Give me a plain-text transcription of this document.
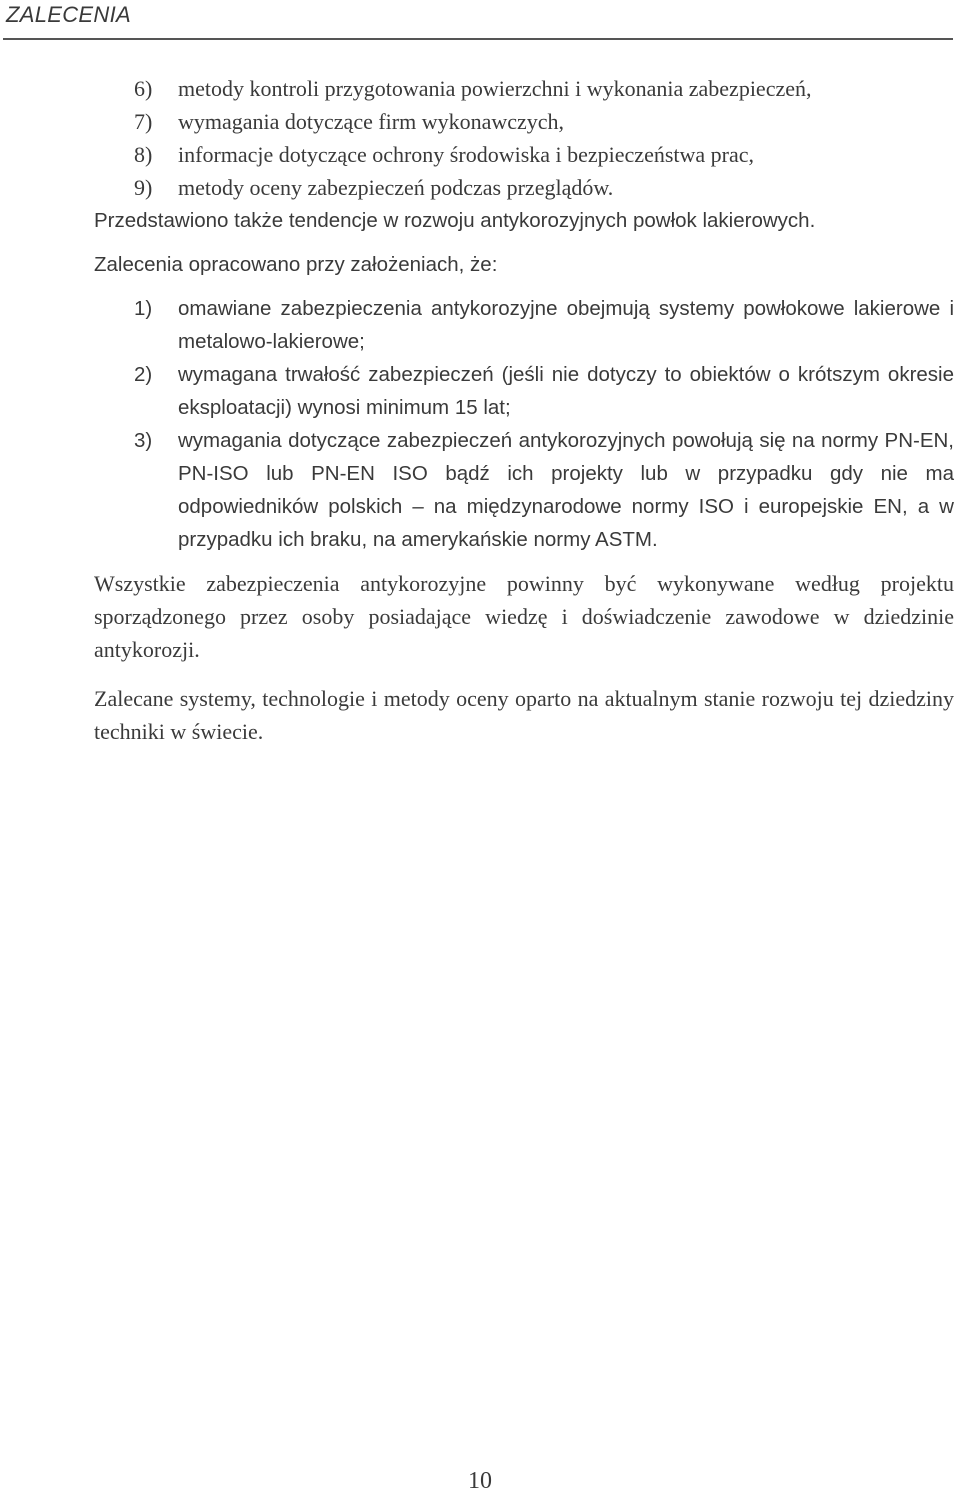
ZALECENIA
6) metody kontroli przygotowania powierzchni i wykonania zabezpieczeń,
7) wymagania dotyczące firm wykonawczych,
8) informacje dotyczące ochrony środowiska i bezpieczeństwa prac,
9) metody oceny zabezpieczeń podczas przeglądów.

Przedstawiono także tendencje w rozwoju antykorozyjnych powłok lakierowych.

Zalecenia opracowano przy założeniach, że:

1) omawiane zabezpieczenia antykorozyjne obejmują systemy powłokowe lakierowe i metalowo-lakierowe;
2) wymagana trwałość zabezpieczeń (jeśli nie dotyczy to obiektów o krótszym okresie eksploatacji) wynosi minimum 15 lat;
3) wymagania dotyczące zabezpieczeń antykorozyjnych powołują się na normy PN-EN, PN-ISO lub PN-EN ISO bądź ich projekty lub w przypadku gdy nie ma odpowiedników polskich – na międzynarodowe normy ISO i europejskie EN, a w przypadku ich braku, na amerykańskie normy ASTM.

Wszystkie zabezpieczenia antykorozyjne powinny być wykonywane według projektu sporządzonego przez osoby posiadające wiedzę i doświadczenie zawodowe w dziedzinie antykorozji.

Zalecane systemy, technologie i metody oceny oparto na aktualnym stanie rozwoju tej dziedziny techniki w świecie.

10
